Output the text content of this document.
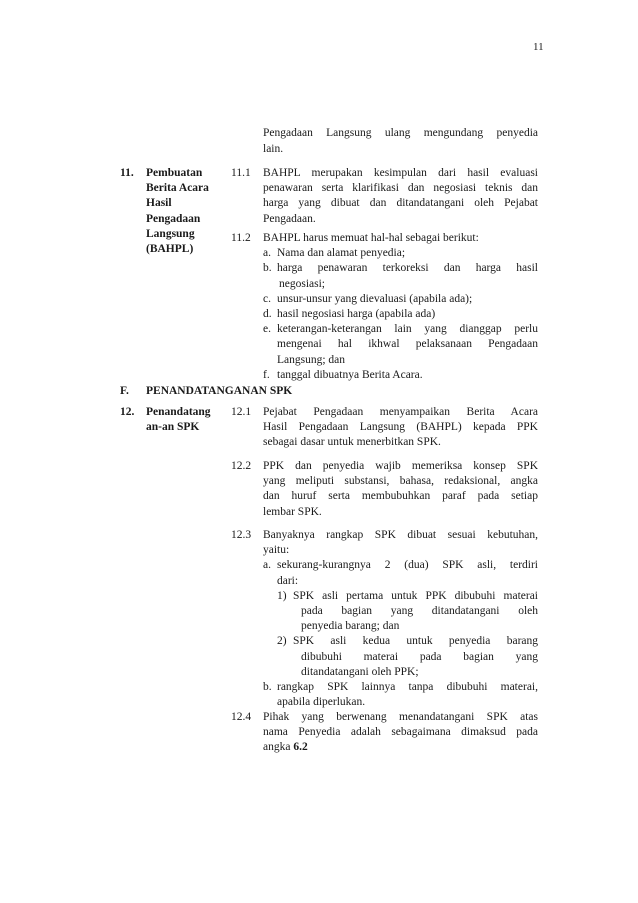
11
Pengadaan Langsung ulang mengundang penyedia
lain.
11. Pembuatan
Berita Acara
Hasil
Pengadaan
Langsung
(BAHPL)
11.1 BAHPL merupakan kesimpulan dari hasil evaluasi
penawaran serta klarifikasi dan negosiasi teknis dan
harga yang dibuat dan ditandatangani oleh Pejabat
Pengadaan.
11.2 BAHPL harus memuat hal-hal sebagai berikut:
a. Nama dan alamat penyedia;
b. harga penawaran terkoreksi dan harga hasil
negosiasi;
c. unsur-unsur yang dievaluasi (apabila ada);
d. hasil negosiasi harga (apabila ada)
e. keterangan-keterangan lain yang dianggap perlu
mengenai hal ikhwal pelaksanaan Pengadaan
Langsung; dan
f. tanggal dibuatnya Berita Acara.
F. PENANDATANGANAN SPK
12. Penandatang
an-an SPK
12.1 Pejabat Pengadaan menyampaikan Berita Acara
Hasil Pengadaan Langsung (BAHPL) kepada PPK
sebagai dasar untuk menerbitkan SPK.
12.2 PPK dan penyedia wajib memeriksa konsep SPK
yang meliputi substansi, bahasa, redaksional, angka
dan huruf serta membubuhkan paraf pada setiap
lembar SPK.
12.3 Banyaknya rangkap SPK dibuat sesuai kebutuhan,
yaitu:
a. sekurang-kurangnya 2 (dua) SPK asli, terdiri
dari:
1) SPK asli pertama untuk PPK dibubuhi materai
pada bagian yang ditandatangani oleh
penyedia barang; dan
2) SPK asli kedua untuk penyedia barang
dibubuhi materai pada bagian yang
ditandatangani oleh PPK;
b. rangkap SPK lainnya tanpa dibubuhi materai,
apabila diperlukan.
12.4 Pihak yang berwenang menandatangani SPK atas
nama Penyedia adalah sebagaimana dimaksud pada
angka 6.2
